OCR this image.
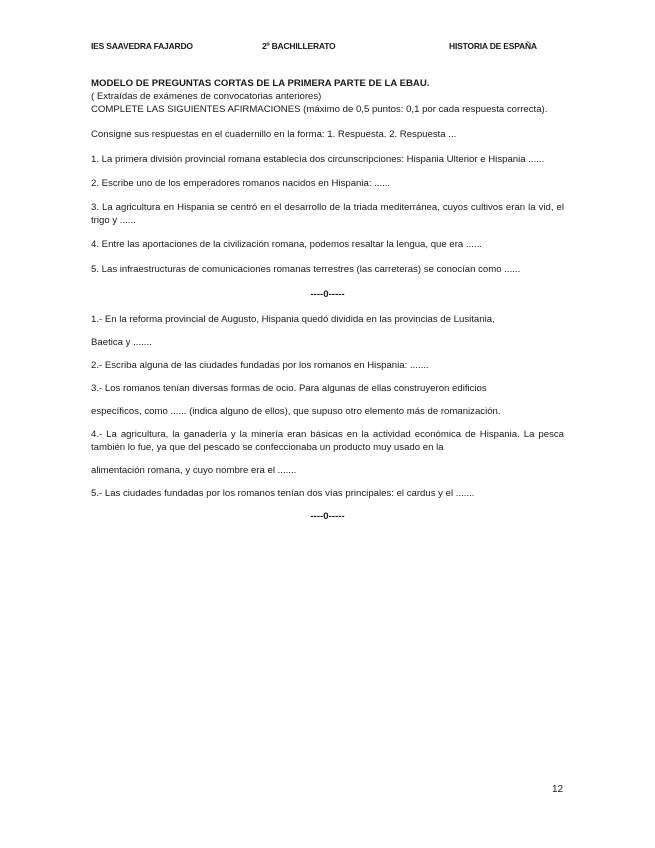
IES SAAVEDRA FAJARDO	2º BACHILLERATO	HISTORIA DE ESPAÑA

MODELO DE PREGUNTAS CORTAS DE LA PRIMERA PARTE DE LA EBAU.

( Extraídas de exámenes de convocatorias anteriores)

COMPLETE LAS SIGUIENTES AFIRMACIONES (máximo de 0,5 puntos: 0,1 por cada respuesta correcta).

Consigne sus respuestas en el cuadernillo en la forma: 1. Respuesta. 2. Respuesta ...

1. La primera división provincial romana establecía dos circunscripciones: Hispania Ulterior e Hispania ......

2. Escribe uno de los emperadores romanos nacidos en Hispania: ......

3. La agricultura en Hispania se centró en el desarrollo de la triada mediterránea, cuyos cultivos eran la vid, el trigo y ......

4. Entre las aportaciones de la civilización romana, podemos resaltar la lengua, que era ......

5. Las infraestructuras de comunicaciones romanas terrestres (las carreteras) se conocían como ......

----0-----

1.- En la reforma provincial de Augusto, Hispania quedó dividida en las provincias de Lusitania,

Baetica y .......

2.- Escriba alguna de las ciudades fundadas por los romanos en Hispania: .......

3.- Los romanos tenían diversas formas de ocio. Para algunas de ellas construyeron edificios

específicos, como ...... (indica alguno de ellos), que supuso otro elemento más de romanización.

4.- La agricultura, la ganadería y la minería eran básicas en la actividad económica de Hispania. La pesca también lo fue, ya que del pescado se confeccionaba un producto muy usado en la

alimentación romana, y cuyo nombre era el .......

5.- Las ciudades fundadas por los romanos tenían dos vías principales: el cardus y el .......

----0-----

12
